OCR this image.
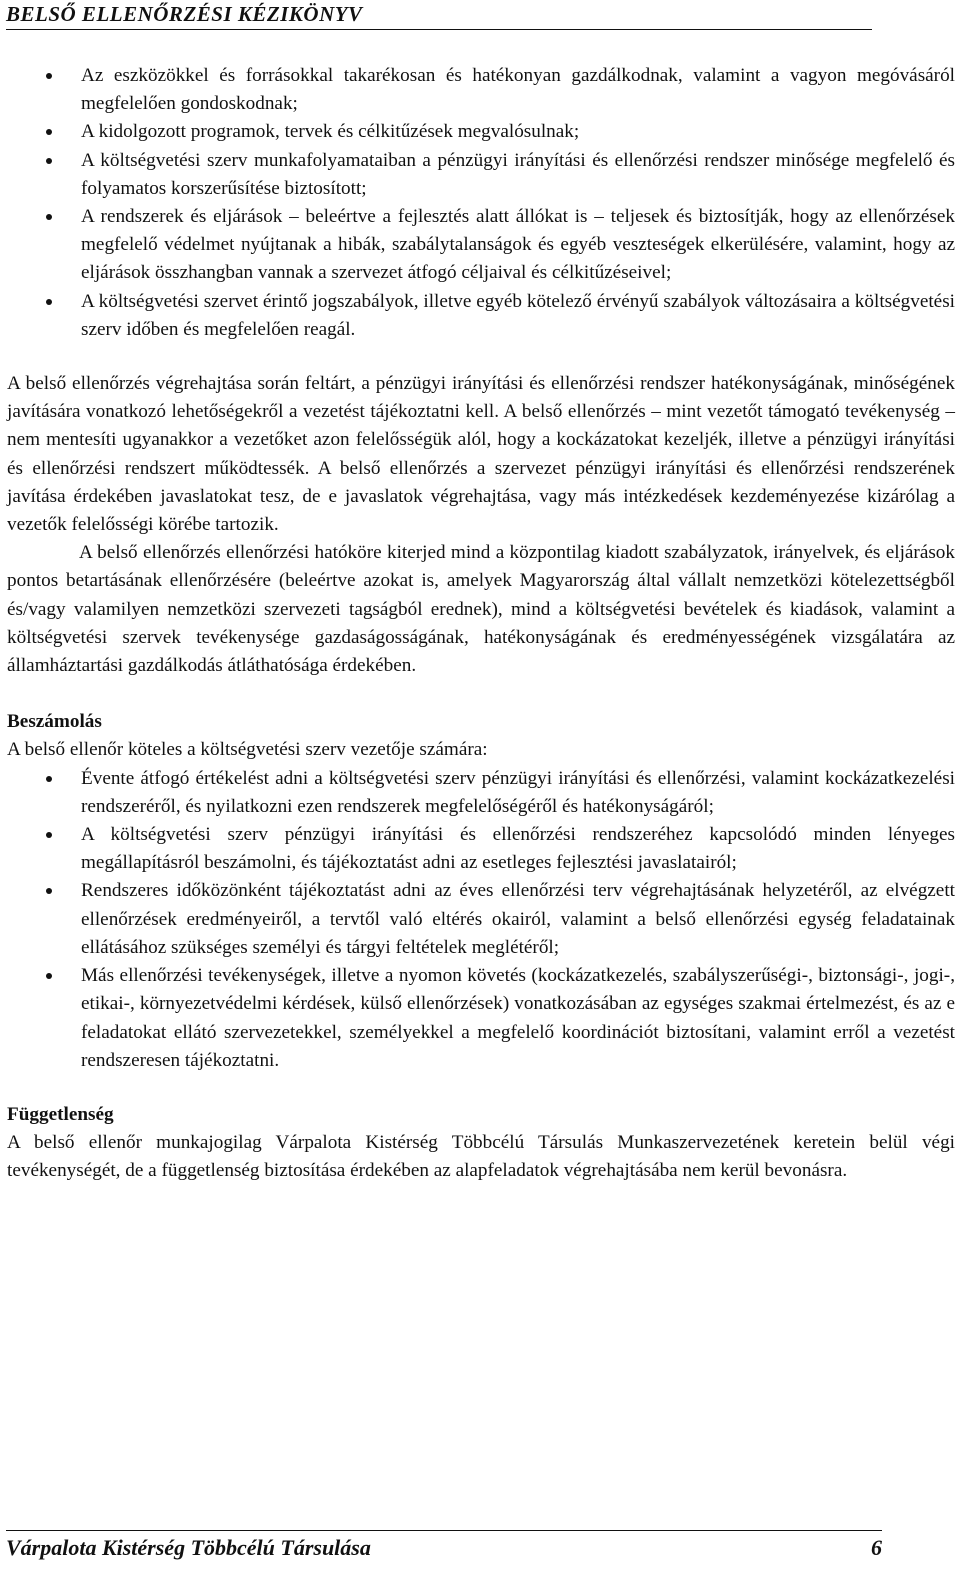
BELSŐ ELLENŐRZÉSI KÉZIKÖNYV
Az eszközökkel és forrásokkal takarékosan és hatékonyan gazdálkodnak, valamint a vagyon megóvásáról megfelelően gondoskodnak;
A kidolgozott programok, tervek és célkitűzések megvalósulnak;
A költségvetési szerv munkafolyamataiban a pénzügyi irányítási és ellenőrzési rendszer minősége megfelelő és folyamatos korszerűsítése biztosított;
A rendszerek és eljárások – beleértve a fejlesztés alatt állókat is – teljesek és biztosítják, hogy az ellenőrzések megfelelő védelmet nyújtanak a hibák, szabálytalanságok és egyéb veszteségek elkerülésére, valamint, hogy az eljárások összhangban vannak a szervezet átfogó céljaival és célkitűzéseivel;
A költségvetési szervet érintő jogszabályok, illetve egyéb kötelező érvényű szabályok változásaira a költségvetési szerv időben és megfelelően reagál.

A belső ellenőrzés végrehajtása során feltárt, a pénzügyi irányítási és ellenőrzési rendszer hatékonyságának, minőségének javítására vonatkozó lehetőségekről a vezetést tájékoztatni kell. A belső ellenőrzés – mint vezetőt támogató tevékenység – nem mentesíti ugyanakkor a vezetőket azon felelősségük alól, hogy a kockázatokat kezeljék, illetve a pénzügyi irányítási és ellenőrzési rendszert működtessék. A belső ellenőrzés a szervezet pénzügyi irányítási és ellenőrzési rendszerének javítása érdekében javaslatokat tesz, de e javaslatok végrehajtása, vagy más intézkedések kezdeményezése kizárólag a vezetők felelősségi körébe tartozik.

A belső ellenőrzés ellenőrzési hatóköre kiterjed mind a központilag kiadott szabályzatok, irányelvek, és eljárások pontos betartásának ellenőrzésére (beleértve azokat is, amelyek Magyarország által vállalt nemzetközi kötelezettségből és/vagy valamilyen nemzetközi szervezeti tagságból erednek), mind a költségvetési bevételek és kiadások, valamint a költségvetési szervek tevékenysége gazdaságosságának, hatékonyságának és eredményességének vizsgálatára az államháztartási gazdálkodás átláthatósága érdekében.

Beszámolás

A belső ellenőr köteles a költségvetési szerv vezetője számára:

Évente átfogó értékelést adni a költségvetési szerv pénzügyi irányítási és ellenőrzési, valamint kockázatkezelési rendszeréről, és nyilatkozni ezen rendszerek megfelelőségéről és hatékonyságáról;
A költségvetési szerv pénzügyi irányítási és ellenőrzési rendszeréhez kapcsolódó minden lényeges megállapításról beszámolni, és tájékoztatást adni az esetleges fejlesztési javaslatairól;
Rendszeres időközönként tájékoztatást adni az éves ellenőrzési terv végrehajtásának helyzetéről, az elvégzett ellenőrzések eredményeiről, a tervtől való eltérés okairól, valamint a belső ellenőrzési egység feladatainak ellátásához szükséges személyi és tárgyi feltételek meglétéről;
Más ellenőrzési tevékenységek, illetve a nyomon követés (kockázatkezelés, szabályszerűségi-, biztonsági-, jogi-, etikai-, környezetvédelmi kérdések, külső ellenőrzések) vonatkozásában az egységes szakmai értelmezést, és az e feladatokat ellátó szervezetekkel, személyekkel a megfelelő koordinációt biztosítani, valamint erről a vezetést rendszeresen tájékoztatni.

Függetlenség

A belső ellenőr munkajogilag Várpalota Kistérség Többcélú Társulás Munkaszervezetének keretein belül végi tevékenységét, de a függetlenség biztosítása érdekében az alapfeladatok végrehajtásába nem kerül bevonásra.

Várpalota Kistérség Többcélú Társulása	6
